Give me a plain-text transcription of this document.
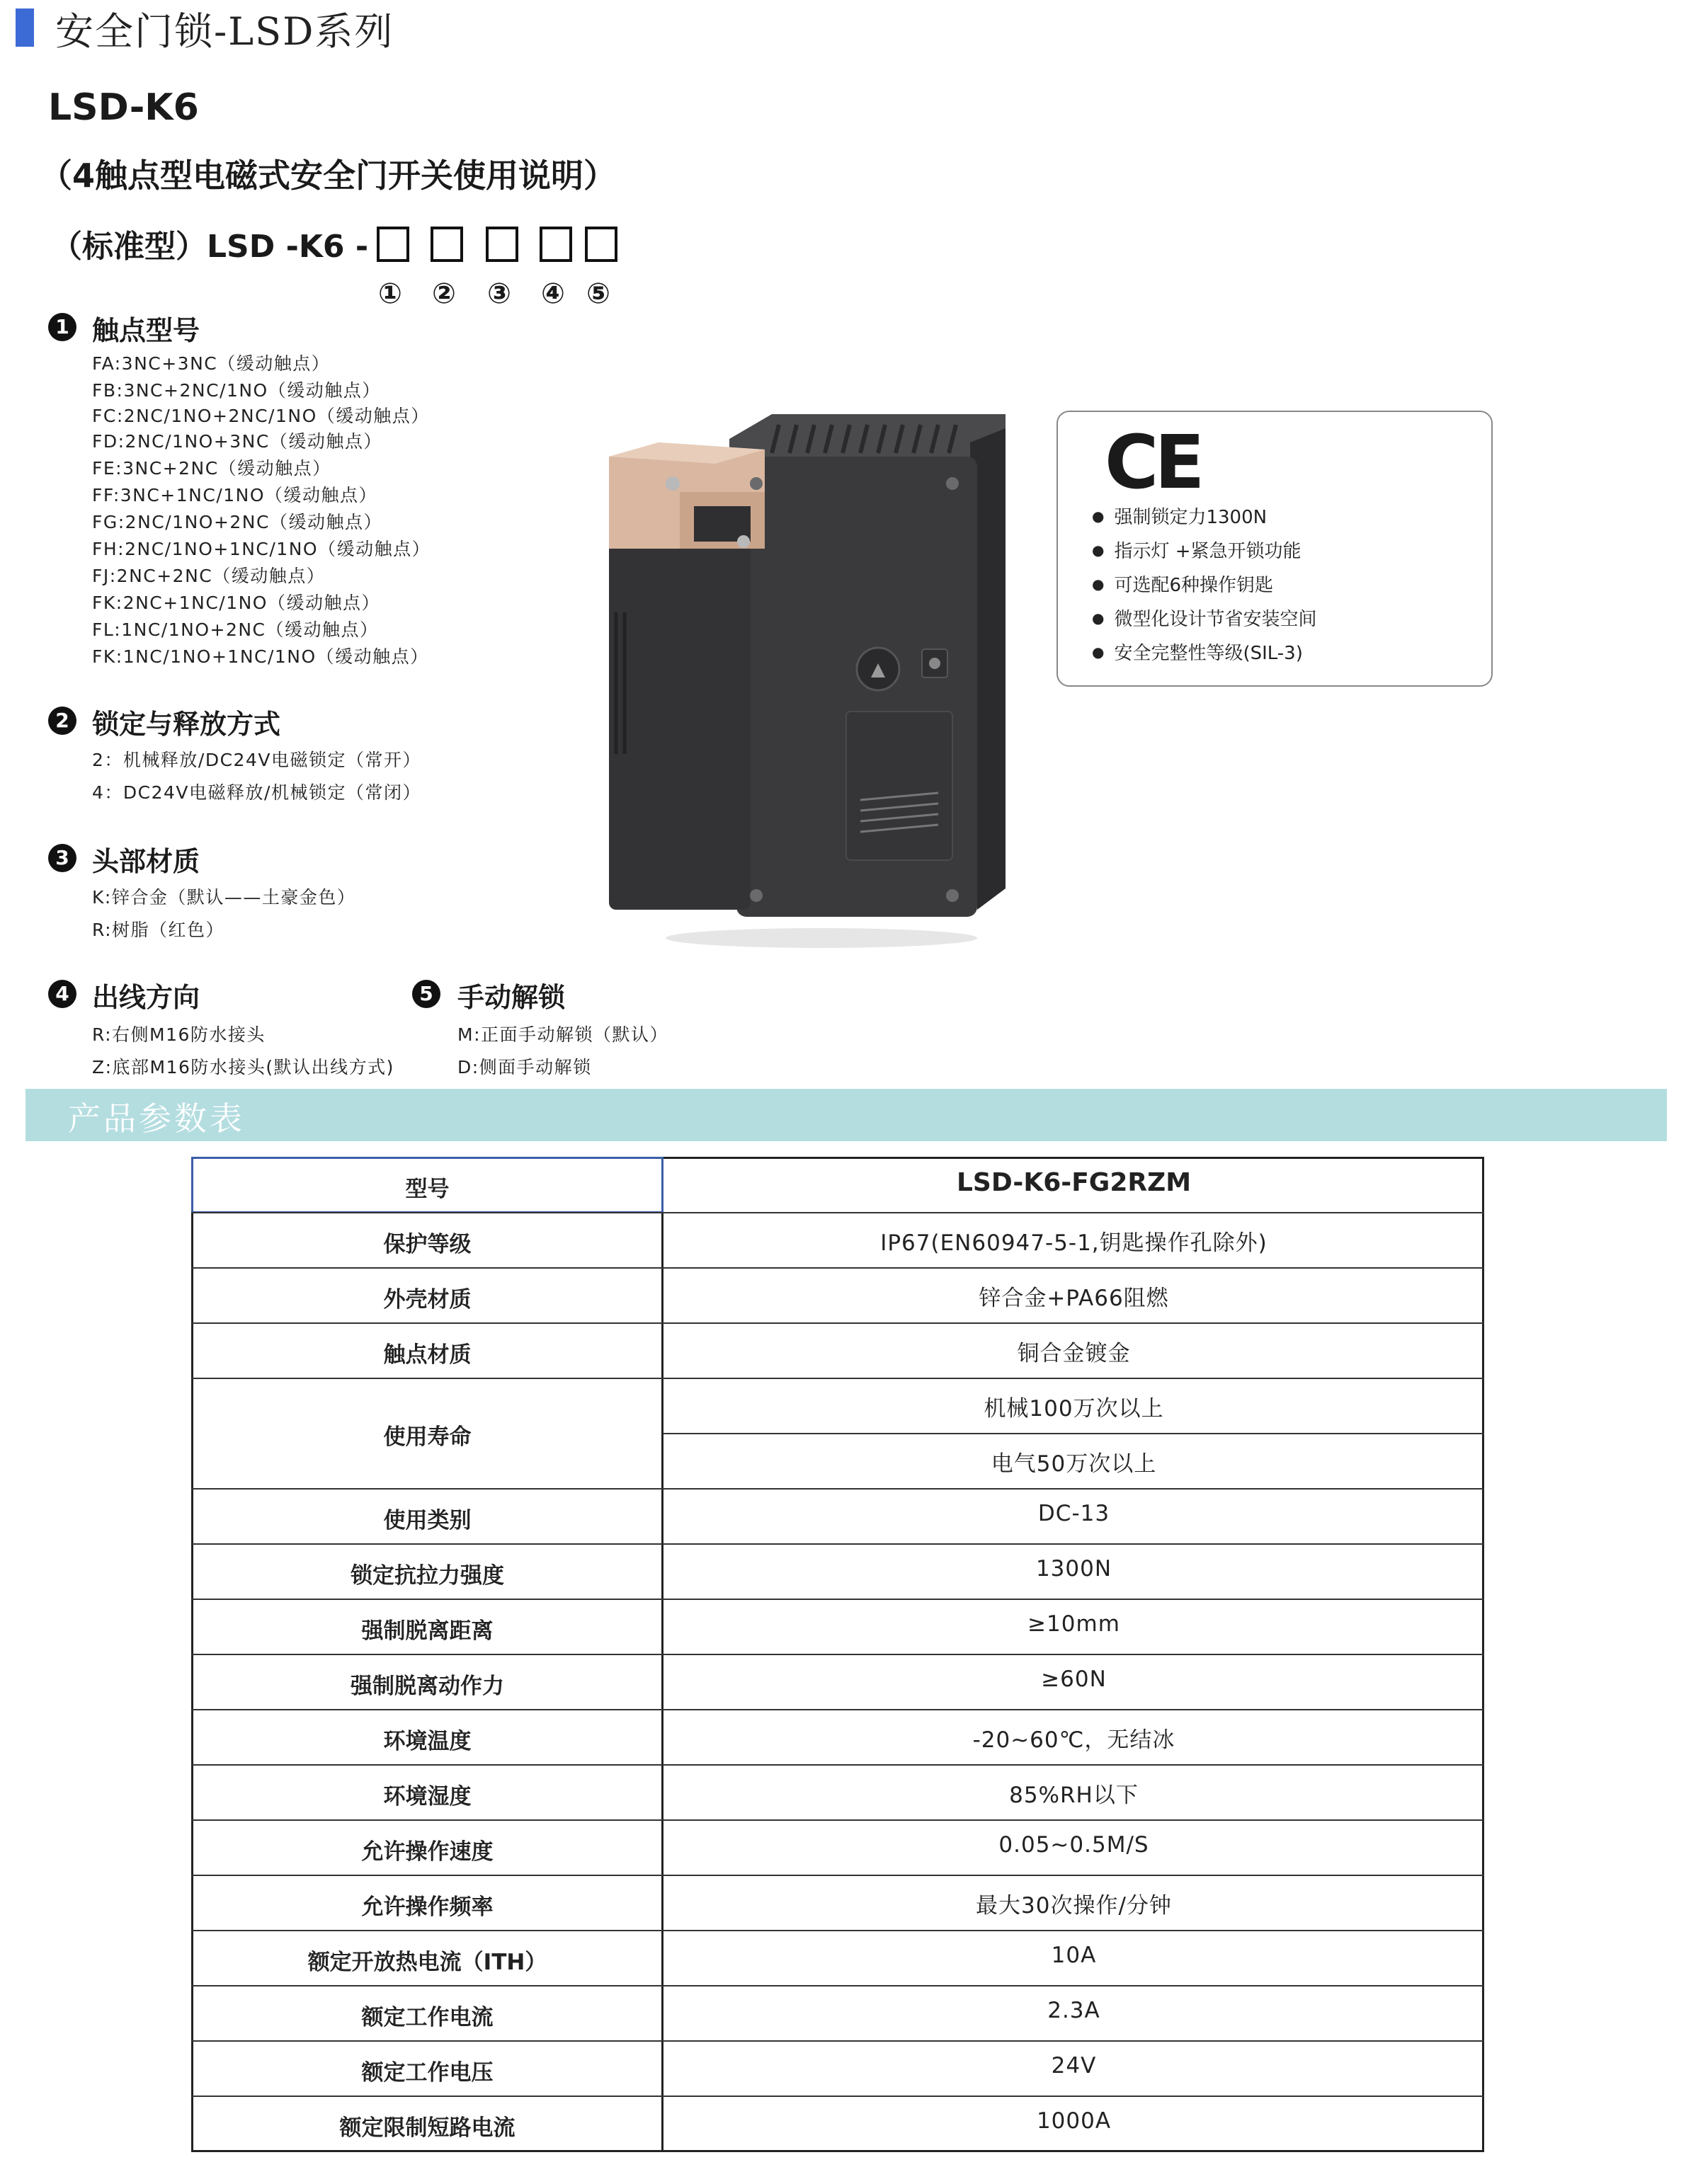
安全门锁-LSD系列
LSD-K6
（4触点型电磁式安全门开关使用说明）
（标准型）LSD -K6 -
① ② ③ ④ ⑤
1 触点型号
FA:3NC+3NC（缓动触点）
FB:3NC+2NC/1NO（缓动触点）
FC:2NC/1NO+2NC/1NO（缓动触点）
FD:2NC/1NO+3NC（缓动触点）
FE:3NC+2NC（缓动触点）
FF:3NC+1NC/1NO（缓动触点）
FG:2NC/1NO+2NC（缓动触点）
FH:2NC/1NO+1NC/1NO（缓动触点）
FJ:2NC+2NC（缓动触点）
FK:2NC+1NC/1NO（缓动触点）
FL:1NC/1NO+2NC（缓动触点）
FK:1NC/1NO+1NC/1NO（缓动触点）
2 锁定与释放方式
2：机械释放/DC24V电磁锁定（常开）
4：DC24V电磁释放/机械锁定（常闭）
3 头部材质
K:锌合金（默认——土豪金色）
R:树脂（红色）
4 出线方向
R:右侧M16防水接头
Z:底部M16防水接头(默认出线方式)
5 手动解锁
M:正面手动解锁（默认）
D:侧面手动解锁
CE
● 强制锁定力1300N
● 指示灯 +紧急开锁功能
● 可选配6种操作钥匙
● 微型化设计节省安装空间
● 安全完整性等级(SIL-3)
产品参数表
型号	LSD-K6-FG2RZM
保护等级	IP67(EN60947-5-1,钥匙操作孔除外)
外壳材质	锌合金+PA66阻燃
触点材质	铜合金镀金
使用寿命
机械100万次以上
电气50万次以上
使用类别	DC-13
锁定抗拉力强度	1300N
强制脱离距离	≥10mm
强制脱离动作力	≥60N
环境温度	-20~60℃，无结冰
环境湿度	85%RH以下
允许操作速度	0.05~0.5M/S
允许操作频率	最大30次操作/分钟
额定开放热电流（ITH）	10A
额定工作电流	2.3A
额定工作电压	24V
额定限制短路电流	1000A
